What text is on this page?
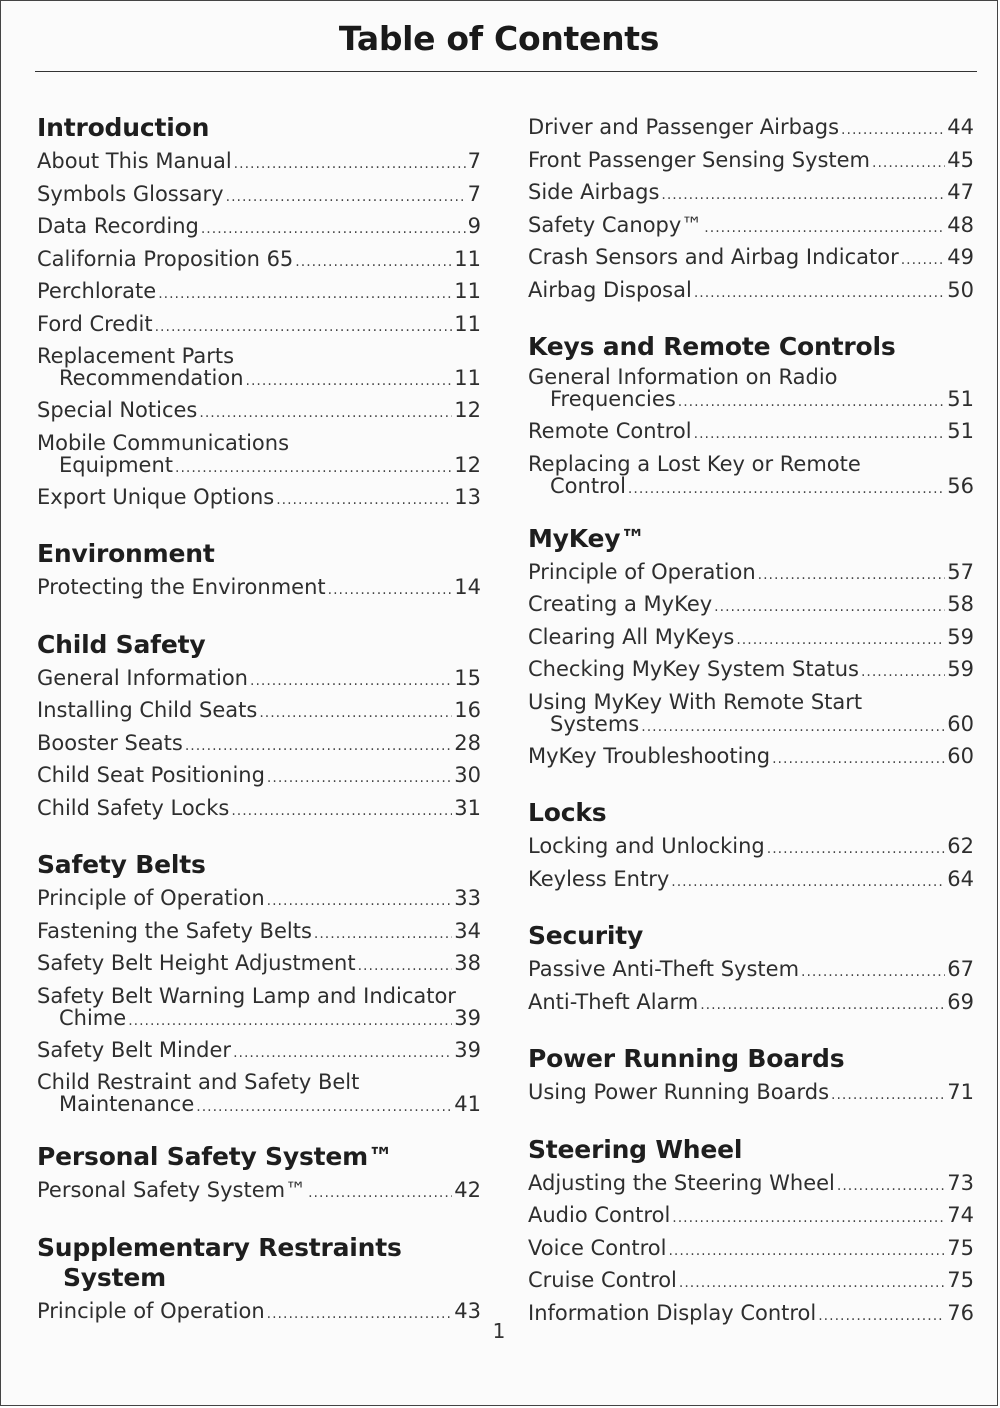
Table of Contents
Introduction
About This Manual .....	7
Symbols Glossary .....	7
Data Recording .....	9
California Proposition 65 .....	11
Perchlorate .....	11
Ford Credit .....	11
Replacement Parts
Recommendation .....	11
Special Notices .....	12
Mobile Communications
Equipment .....	12
Export Unique Options .....	13
Environment
Protecting the Environment .....	14
Child Safety
General Information .....	15
Installing Child Seats .....	16
Booster Seats .....	28
Child Seat Positioning .....	30
Child Safety Locks .....	31
Safety Belts
Principle of Operation .....	33
Fastening the Safety Belts .....	34
Safety Belt Height Adjustment .....	38
Safety Belt Warning Lamp and Indicator
Chime .....	39
Safety Belt Minder .....	39
Child Restraint and Safety Belt
Maintenance .....	41
Personal Safety System™
Personal Safety System™ .....	42
Supplementary Restraints
System
Principle of Operation .....	43
Driver and Passenger Airbags .....	44
Front Passenger Sensing System .....	45
Side Airbags .....	47
Safety Canopy™ .....	48
Crash Sensors and Airbag Indicator ..... 49
Airbag Disposal .....	50
Keys and Remote Controls
General Information on Radio
Frequencies .....	51
Remote Control .....	51
Replacing a Lost Key or Remote
Control .....	56
MyKey™
Principle of Operation .....	57
Creating a MyKey .....	58
Clearing All MyKeys .....	59
Checking MyKey System Status .....	59
Using MyKey With Remote Start
Systems .....	60
MyKey Troubleshooting .....	60
Locks
Locking and Unlocking .....	62
Keyless Entry .....	64
Security
Passive Anti-Theft System .....	67
Anti-Theft Alarm .....	69
Power Running Boards
Using Power Running Boards .....	71
Steering Wheel
Adjusting the Steering Wheel .....	73
Audio Control .....	74
Voice Control .....	75
Cruise Control .....	75
Information Display Control .....	76
1
